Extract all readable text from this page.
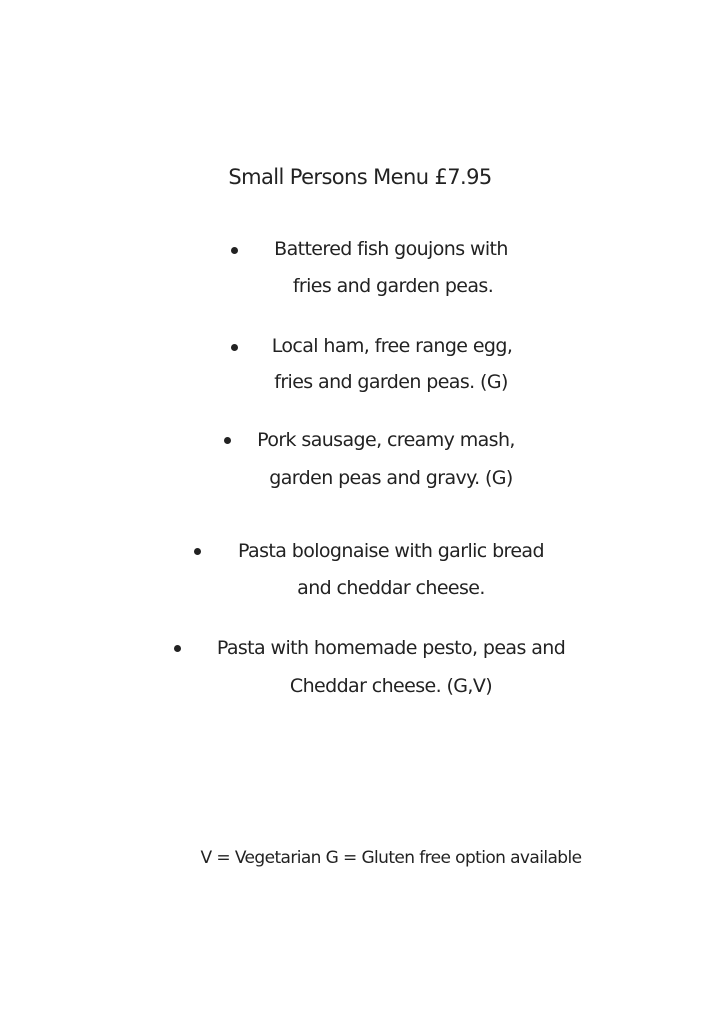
Small Persons Menu £7.95
Battered fish goujons with
fries and garden peas.
Local ham, free range egg,
fries and garden peas. (G)
Pork sausage, creamy mash,
garden peas and gravy. (G)
Pasta bolognaise with garlic bread
and cheddar cheese.
Pasta with homemade pesto, peas and
Cheddar cheese. (G,V)
V = Vegetarian G = Gluten free option available
